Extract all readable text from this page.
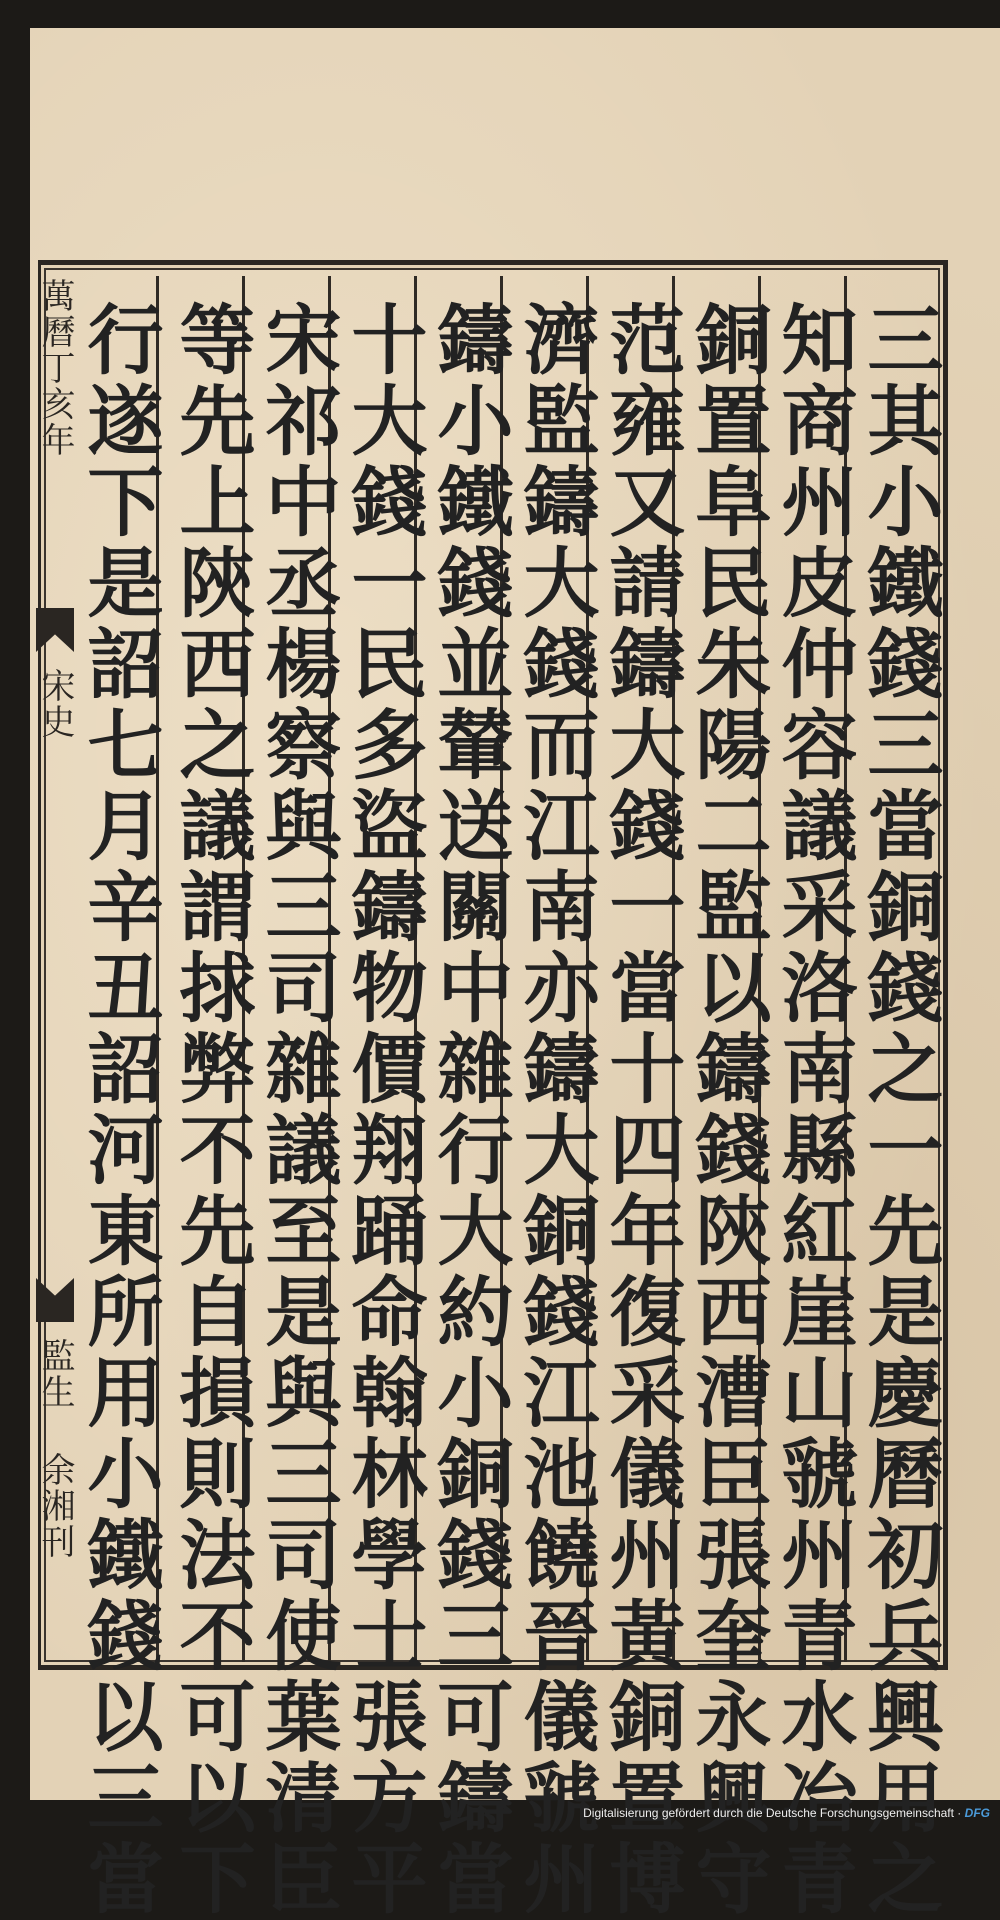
萬曆丁亥年
宋史
監生 余湘刊	三其小鐵錢三當銅錢之一先是慶曆初兵興用之
知商州皮仲容議采洛南縣紅崖山虢州青水冶青
銅置阜民朱陽二監以鑄錢陝西漕臣張奎永興守
范雍又請鑄大錢一當十四年復采儀州黃銅置博
濟監鑄大錢而江南亦鑄大銅錢江池饒晉儀虢州
鑄小鐵錢並輦送關中雜行大約小銅錢三可鑄當
十大錢一民多盜鑄物價翔踊命翰林學士張方平
宋祁中丞楊察與三司雜議至是與三司使葉清臣
等先上陝西之議謂捄弊不先自損則法不可以下
行遂下是詔七月辛丑詔河東所用小鐵錢以三當	Digitalisierung gefördert durch die Deutsche Forschungsgemeinschaft · DFG
